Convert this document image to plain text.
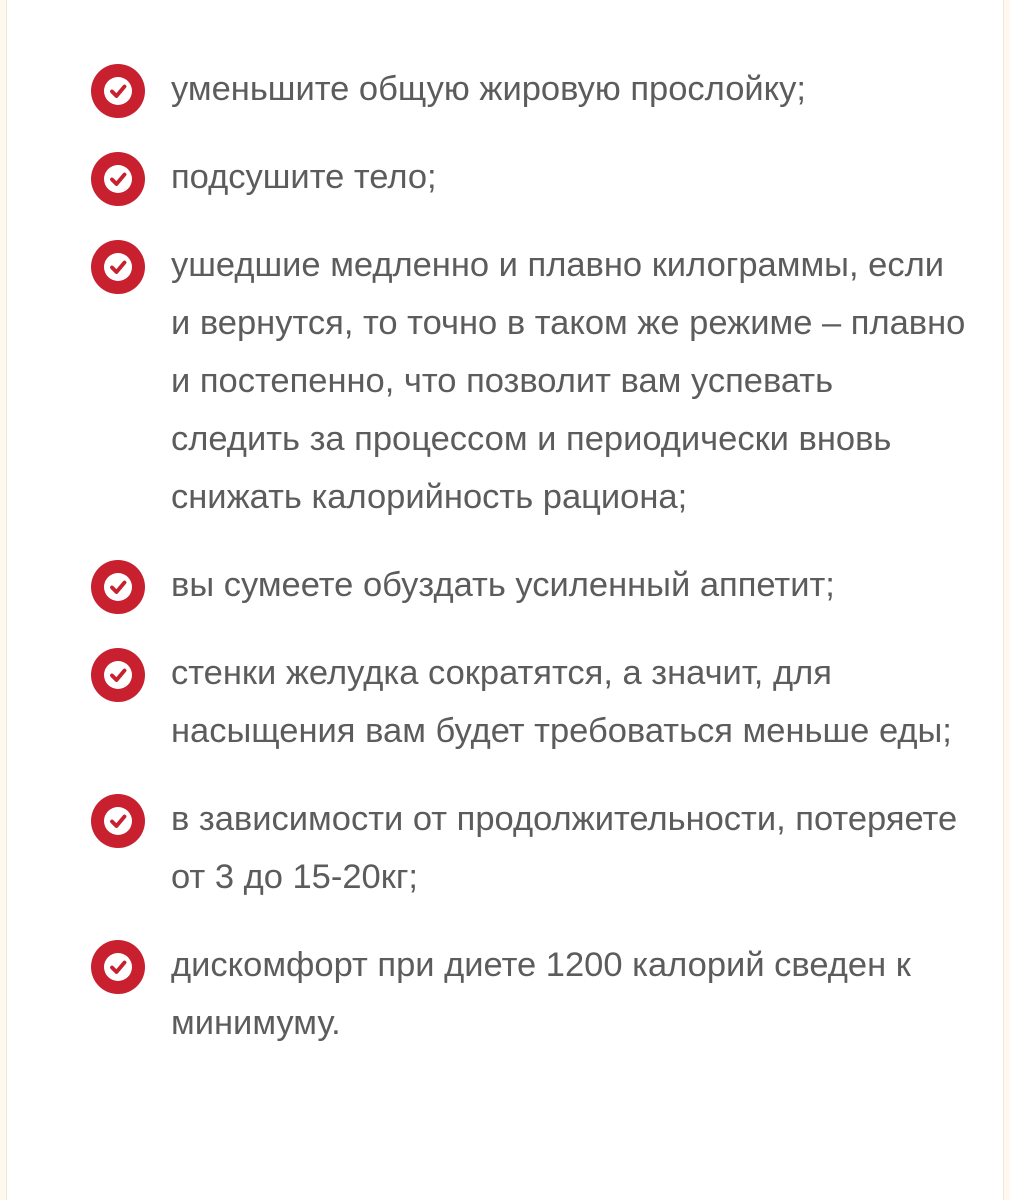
уменьшите общую жировую прослойку;
подсушите тело;
ушедшие медленно и плавно килограммы, если и вернутся, то точно в таком же режиме – плавно и постепенно, что позволит вам успевать следить за процессом и периодически вновь снижать калорийность рациона;
вы сумеете обуздать усиленный аппетит;
стенки желудка сократятся, а значит, для насыщения вам будет требоваться меньше еды;
в зависимости от продолжительности, потеряете от 3 до 15-20кг;
дискомфорт при диете 1200 калорий сведен к минимуму.
